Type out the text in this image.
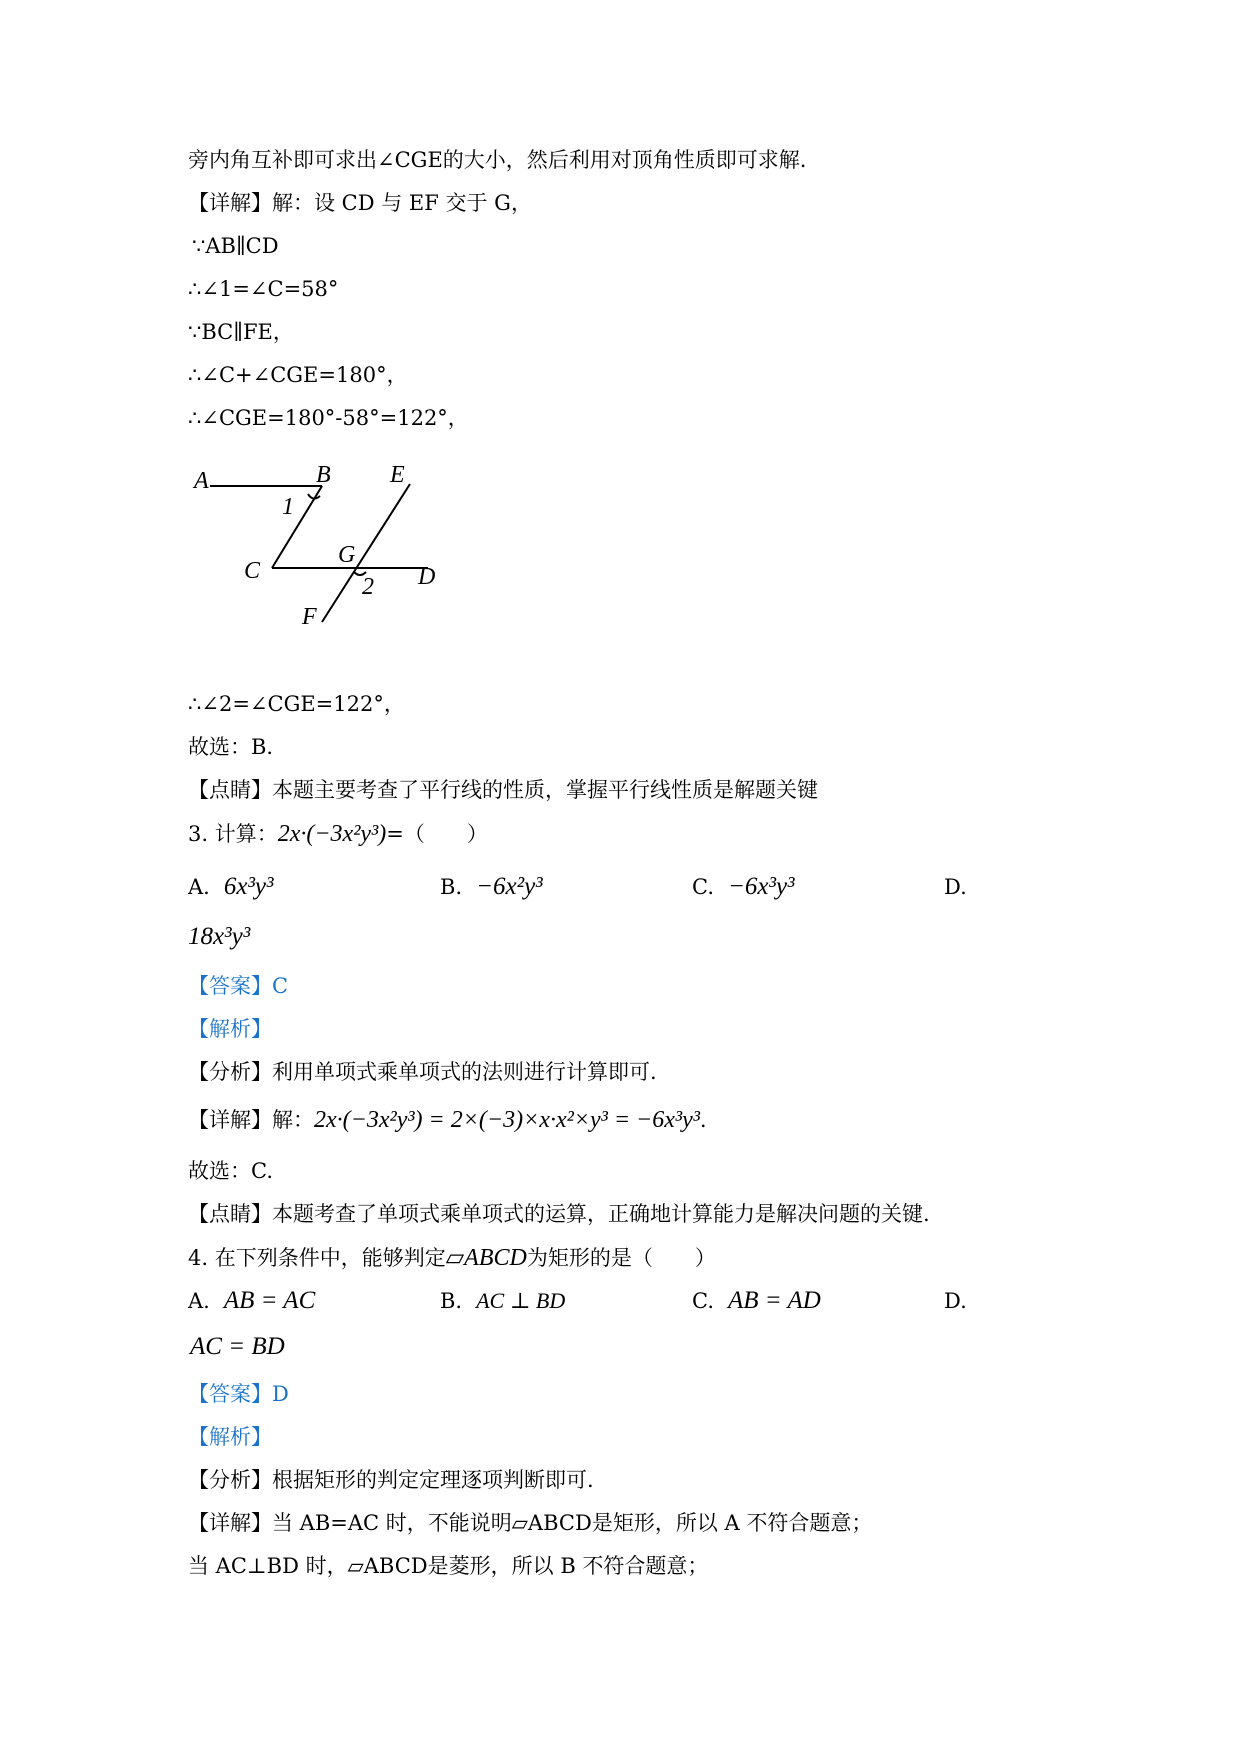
旁内角互补即可求出∠CGE的大小，然后利用对顶角性质即可求解.
【详解】解：设 CD 与 EF 交于 G，
∵AB∥CD
∴∠1=∠C=58°
∵BC∥FE，
∴∠C+∠CGE=180°，
∴∠CGE=180°-58°=122°，
A	B E
C
G
D
F
1
2
∴∠2=∠CGE=122°，
故选：B.
【点睛】本题主要考查了平行线的性质，掌握平行线性质是解题关键
3. 计算：2x·(−3x²y³)=（　　）
A. 6x³y³	B. −6x²y³	C. −6x³y³	D.
18x³y³
【答案】C
【解析】
【分析】利用单项式乘单项式的法则进行计算即可.
【详解】解：2x·(−3x²y³) = 2×(−3)×x·x²×y³ = −6x³y³.
故选：C.
【点睛】本题考查了单项式乘单项式的运算，正确地计算能力是解决问题的关键.
4. 在下列条件中，能够判定▱ABCD为矩形的是（　　）
A. AB = AC	B. AC ⊥ BD	C. AB = AD	D.
AC = BD
【答案】D
【解析】
【分析】根据矩形的判定定理逐项判断即可.
【详解】当 AB=AC 时，不能说明▱ABCD是矩形，所以 A 不符合题意；
当 AC⊥BD 时，▱ABCD是菱形，所以 B 不符合题意；
